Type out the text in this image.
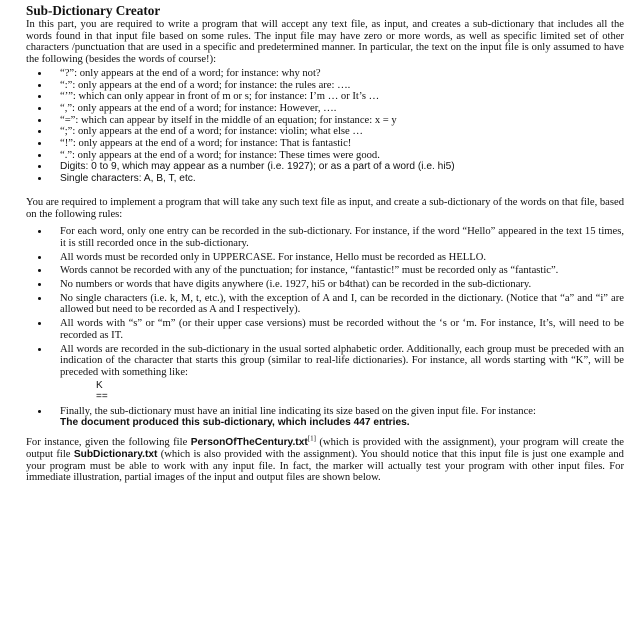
Sub-Dictionary Creator

In this part, you are required to write a program that will accept any text file, as input, and creates a sub-dictionary that includes all the words found in that input file based on some rules. The input file may have zero or more words, as well as specific limited set of other characters /punctuation that are used in a specific and predetermined manner. In particular, the text on the input file is only assumed to have the following (besides the words of course!):

• “?”: only appears at the end of a word; for instance: why not?
• “:”: only appears at the end of a word; for instance: the rules are: ….
• “’”: which can only appear in front of m or s; for instance: I’m … or It’s …
• “,”: only appears at the end of a word; for instance: However, ….
• “=”: which can appear by itself in the middle of an equation; for instance: x = y
• “;”: only appears at the end of a word; for instance: violin; what else …
• “!”: only appears at the end of a word; for instance: That is fantastic!
• “.”: only appears at the end of a word; for instance: These times were good.
• Digits: 0 to 9, which may appear as a number (i.e. 1927); or as a part of a word (i.e. hi5)
• Single characters: A, B, T, etc.

You are required to implement a program that will take any such text file as input, and create a sub-dictionary of the words on that file, based on the following rules:

• For each word, only one entry can be recorded in the sub-dictionary. For instance, if the word “Hello” appeared in the text 15 times, it is still recorded once in the sub-dictionary.
• All words must be recorded only in UPPERCASE. For instance, Hello must be recorded as HELLO.
• Words cannot be recorded with any of the punctuation; for instance, “fantastic!” must be recorded only as “fantastic”.
• No numbers or words that have digits anywhere (i.e. 1927, hi5 or b4that) can be recorded in the sub-dictionary.
• No single characters (i.e. k, M, t, etc.), with the exception of A and I, can be recorded in the dictionary. (Notice that “a” and “i” are allowed but need to be recorded as A and I respectively).
• All words with “s” or “m” (or their upper case versions) must be recorded without the ‘s or ‘m. For instance, It’s, will need to be recorded as IT.
• All words are recorded in the sub-dictionary in the usual sorted alphabetic order. Additionally, each group must be preceded with an indication of the character that starts this group (similar to real-life dictionaries). For instance, all words starting with “K”, will be preceded with something like:
K
==
• Finally, the sub-dictionary must have an initial line indicating its size based on the given input file. For instance:
The document produced this sub-dictionary, which includes 447 entries.

For instance, given the following file PersonOfTheCentury.txt[1] (which is provided with the assignment), your program will create the output file SubDictionary.txt (which is also provided with the assignment). You should notice that this input file is just one example and your program must be able to work with any input file. In fact, the marker will actually test your program with other input files. For immediate illustration, partial images of the input and output files are shown below.
